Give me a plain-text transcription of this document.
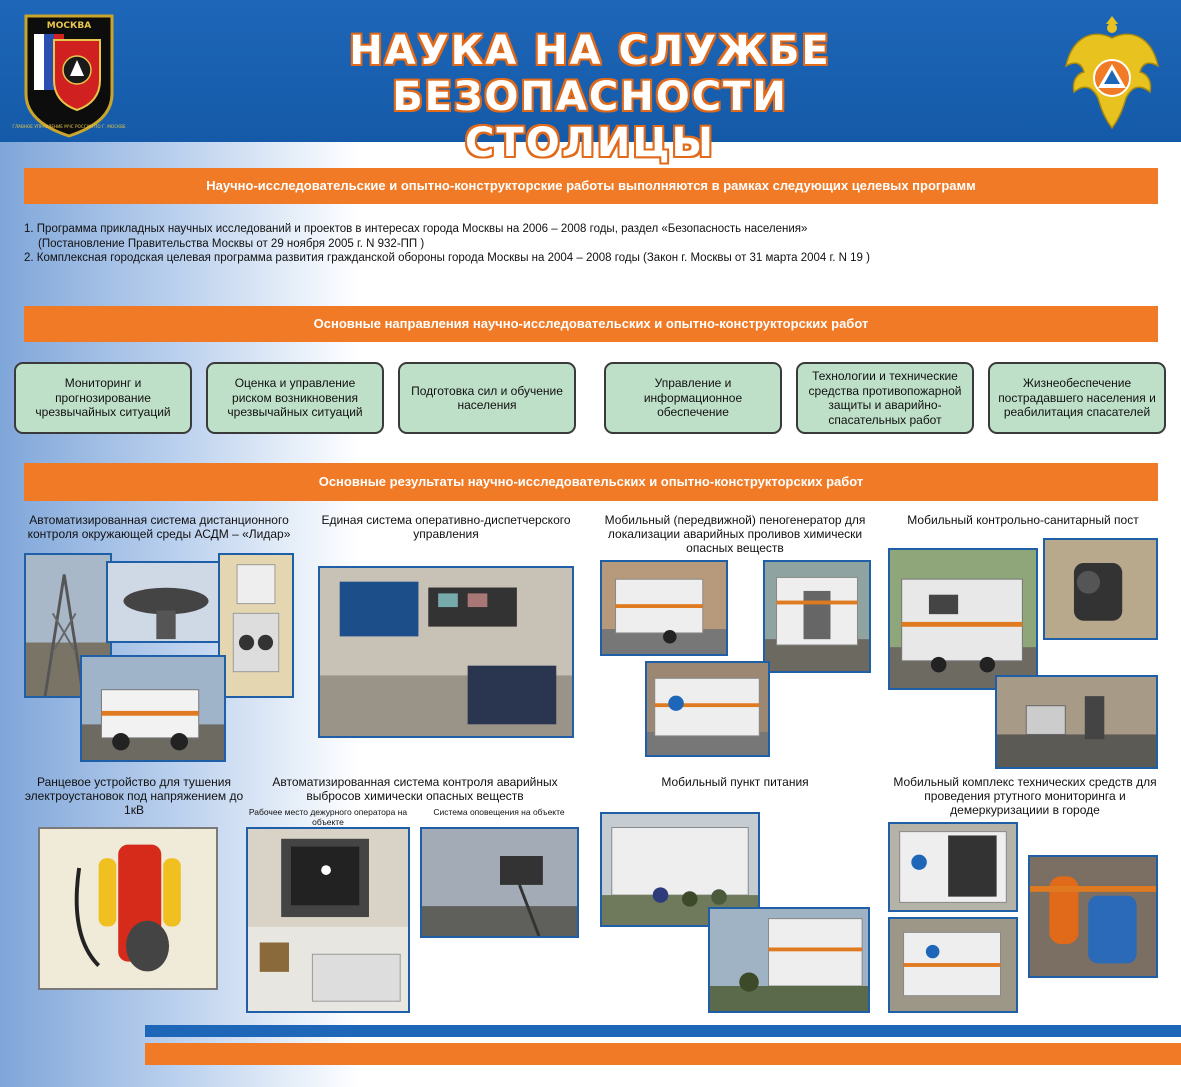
МОСКВА
ГЛАВНОЕ УПРАВЛЕНИЕ МЧС РОССИИ ПО Г. МОСКВЕ
НАУКА НА СЛУЖБЕ БЕЗОПАСНОСТИ
СТОЛИЦЫ
Научно-исследовательские и опытно-конструкторские работы выполняются в рамках следующих целевых программ
1. Программа прикладных научных исследований и проектов в интересах города Москвы на 2006 – 2008 годы, раздел «Безопасность населения»
(Постановление Правительства Москвы от 29 ноября 2005 г. N 932-ПП )
2. Комплексная городская целевая программа развития гражданской обороны города Москвы на 2004 – 2008 годы (Закон г. Москвы от 31 марта 2004 г. N 19 )
Основные направления научно-исследовательских и опытно-конструкторских работ
Мониторинг и прогнозирование чрезвычайных ситуаций
Оценка и управление риском возникновения чрезвычайных ситуаций
Подготовка сил и обучение населения
Управление и информационное обеспечение
Технологии и технические средства противопожарной защиты и аварийно-спасательных работ
Жизнеобеспечение пострадавшего населения и реабилитация спасателей
Основные результаты научно-исследовательских и опытно-конструкторских работ
Автоматизированная система дистанционного контроля окружающей среды АСДМ – «Лидар»
Единая система оперативно-диспетчерского управления
Мобильный (передвижной) пеногенератор для локализации аварийных проливов химически опасных веществ
Мобильный контрольно-санитарный пост
Ранцевое устройство для тушения электроустановок под напряжением до 1кВ
Автоматизированная система контроля аварийных выбросов химически опасных веществ
Рабочее место дежурного оператора на объекте
Система оповещения на объекте
Мобильный пункт питания	Мобильный комплекс технических средств для проведения ртутного мониторинга и демеркуризациии в городе
